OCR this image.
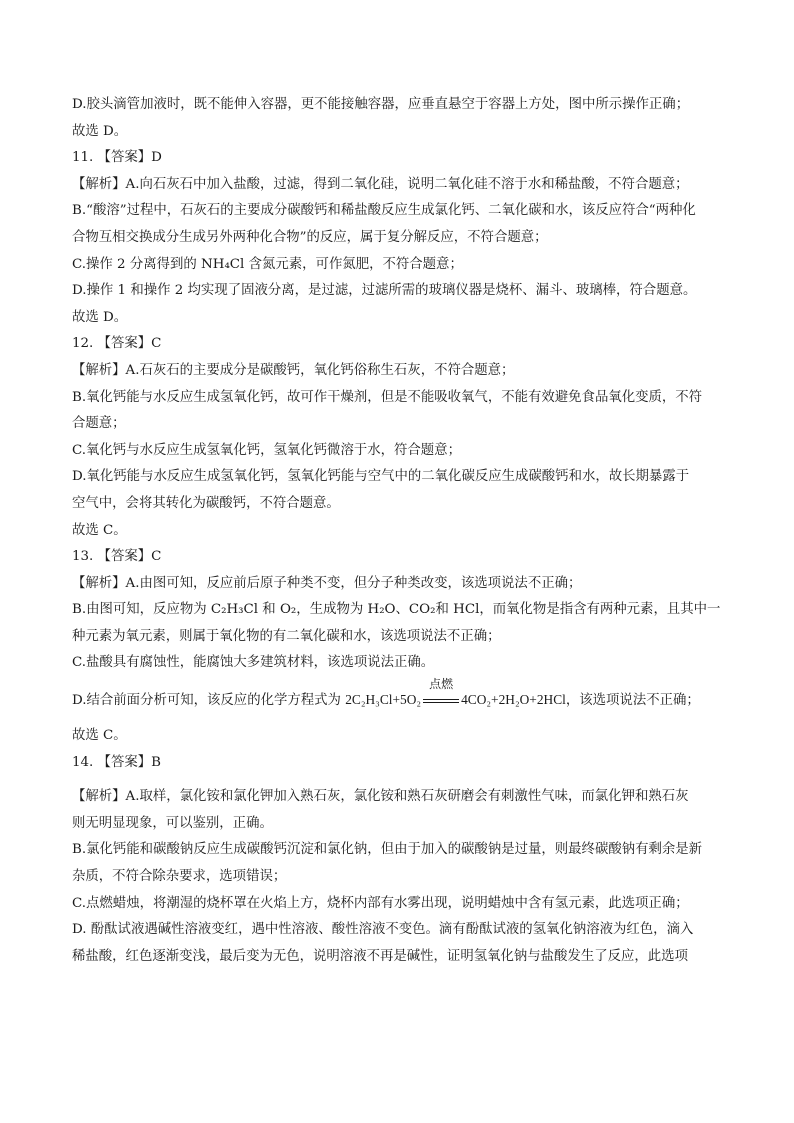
D.胶头滴管加液时，既不能伸入容器，更不能接触容器，应垂直悬空于容器上方处，图中所示操作正确；
故选 D。
11. 【答案】D
【解析】A.向石灰石中加入盐酸，过滤，得到二氧化硅，说明二氧化硅不溶于水和稀盐酸，不符合题意；
B.“酸溶”过程中，石灰石的主要成分碳酸钙和稀盐酸反应生成氯化钙、二氧化碳和水，该反应符合“两种化
合物互相交换成分生成另外两种化合物”的反应，属于复分解反应，不符合题意；
C.操作 2 分离得到的 NH₄Cl 含氮元素，可作氮肥，不符合题意；
D.操作 1 和操作 2 均实现了固液分离，是过滤，过滤所需的玻璃仪器是烧杯、漏斗、玻璃棒，符合题意。
故选 D。
12. 【答案】C
【解析】A.石灰石的主要成分是碳酸钙，氧化钙俗称生石灰，不符合题意；
B.氧化钙能与水反应生成氢氧化钙，故可作干燥剂，但是不能吸收氧气，不能有效避免食品氧化变质，不符
合题意；
C.氧化钙与水反应生成氢氧化钙，氢氧化钙微溶于水，符合题意；
D.氧化钙能与水反应生成氢氧化钙，氢氧化钙能与空气中的二氧化碳反应生成碳酸钙和水，故长期暴露于
空气中，会将其转化为碳酸钙，不符合题意。
故选 C。
13. 【答案】C
【解析】A.由图可知，反应前后原子种类不变，但分子种类改变，该选项说法不正确；
B.由图可知，反应物为 C₂H₃Cl 和 O₂，生成物为 H₂O、CO₂和 HCl，而氧化物是指含有两种元素，且其中一
种元素为氧元素，则属于氧化物的有二氧化碳和水，该选项说法不正确；
C.盐酸具有腐蚀性，能腐蚀大多建筑材料，该选项说法正确。
D.结合前面分析可知，该反应的化学方程式为 2C₂H₃Cl+5O₂
点燃
4CO₂+2H₂O+2HCl，该选项说法不正确；
故选 C。
14. 【答案】B
【解析】A.取样，氯化铵和氯化钾加入熟石灰，氯化铵和熟石灰研磨会有刺激性气味，而氯化钾和熟石灰
则无明显现象，可以鉴别，正确。
B.氯化钙能和碳酸钠反应生成碳酸钙沉淀和氯化钠，但由于加入的碳酸钠是过量，则最终碳酸钠有剩余是新
杂质，不符合除杂要求，选项错误；
C.点燃蜡烛，将潮湿的烧杯罩在火焰上方，烧杯内部有水雾出现，说明蜡烛中含有氢元素，此选项正确；
D. 酚酞试液遇碱性溶液变红，遇中性溶液、酸性溶液不变色。滴有酚酞试液的氢氧化钠溶液为红色，滴入
稀盐酸，红色逐渐变浅，最后变为无色，说明溶液不再是碱性，证明氢氧化钠与盐酸发生了反应，此选项
